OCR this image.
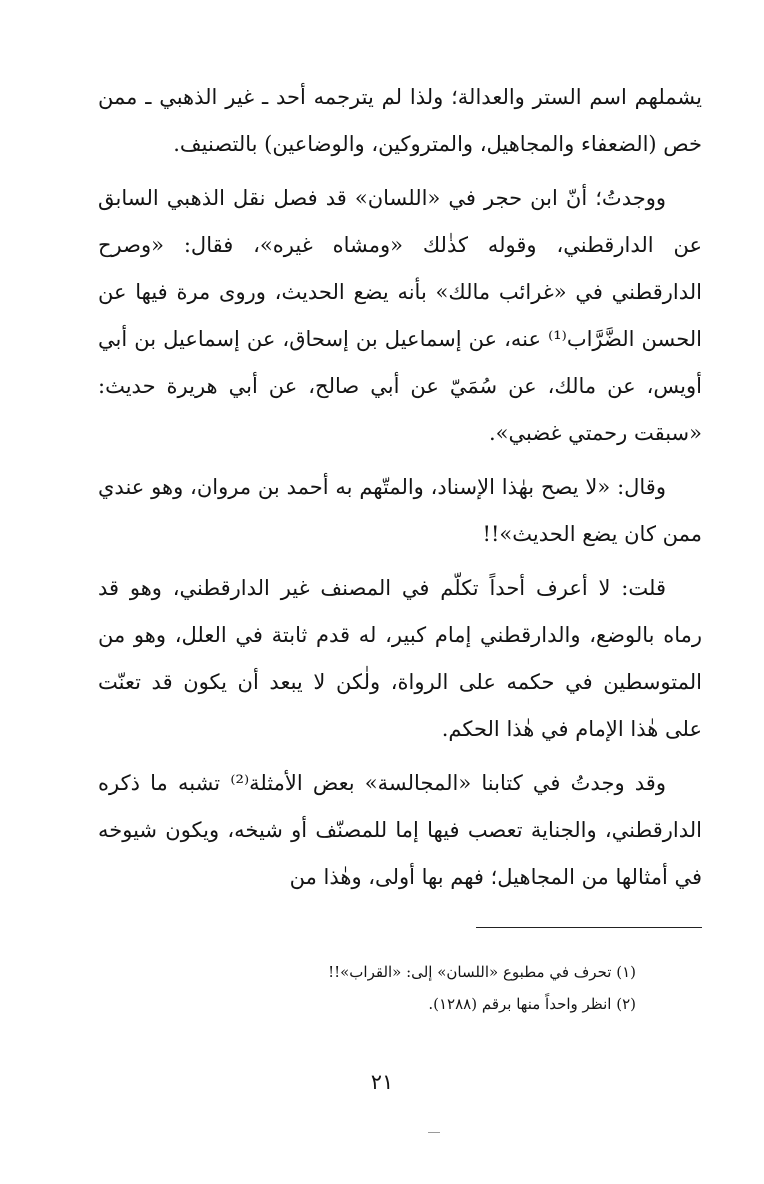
يشملهم اسم الستر والعدالة؛ ولذا لم يترجمه أحد ـ غير الذهبي ـ ممن خص (الضعفاء والمجاهيل، والمتروكين، والوضاعين) بالتصنيف.

ووجدتُ؛ أنّ ابن حجر في «اللسان» قد فصل نقل الذهبي السابق عن الدارقطني، وقوله كذٰلك «ومشاه غيره»، فقال: «وصرح الدارقطني في «غرائب مالك» بأنه يضع الحديث، وروى مرة فيها عن الحسن الضَّرَّاب⁽¹⁾ عنه، عن إسماعيل بن إسحاق، عن إسماعيل بن أبي أويس، عن مالك، عن سُمَيّ عن أبي صالح، عن أبي هريرة حديث: «سبقت رحمتي غضبي».

وقال: «لا يصح بهٰذا الإسناد، والمتّهم به أحمد بن مروان، وهو عندي ممن كان يضع الحديث»!!

قلت: لا أعرف أحداً تكلّم في المصنف غير الدارقطني، وهو قد رماه بالوضع، والدارقطني إمام كبير، له قدم ثابتة في العلل، وهو من المتوسطين في حكمه على الرواة، ولٰكن لا يبعد أن يكون قد تعنّت على هٰذا الإمام في هٰذا الحكم.

وقد وجدتُ في كتابنا «المجالسة» بعض الأمثلة⁽²⁾ تشبه ما ذكره الدارقطني، والجناية تعصب فيها إما للمصنّف أو شيخه، ويكون شيوخه في أمثالها من المجاهيل؛ فهم بها أولى، وهٰذا من

(١) تحرف في مطبوع «اللسان» إلى: «القراب»!!
(٢) انظر واحداً منها برقم (١٢٨٨).
٢١
